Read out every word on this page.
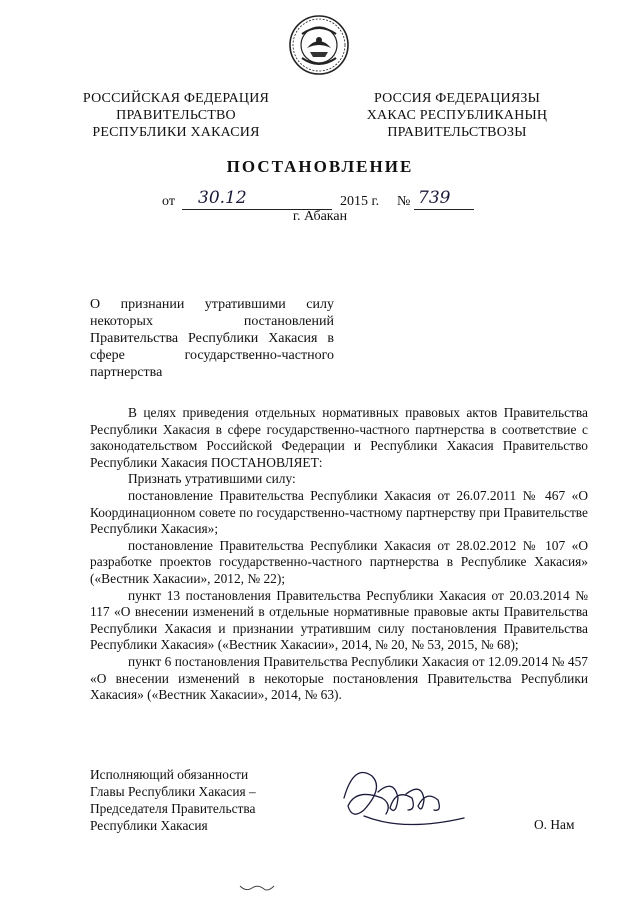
РОССИЙСКАЯ ФЕДЕРАЦИЯ
ПРАВИТЕЛЬСТВО
РЕСПУБЛИКИ ХАКАСИЯ
РОССИЯ ФЕДЕРАЦИЯЗЫ
ХАКАС РЕСПУБЛИКАНЫҢ
ПРАВИТЕЛЬСТВОЗЫ
ПОСТАНОВЛЕНИЕ
от 30.12	2015 г. № 739
г. Абакан
О признании утратившими силу
некоторых постановлений
Правительства Республики Хакасия в
сфере государственно-частного
партнерства

В целях приведения отдельных нормативных правовых актов Правительства Республики Хакасия в сфере государственно-частного партнерства в соответствие с законодательством Российской Федерации и Республики Хакасия Правительство Республики Хакасия ПОСТАНОВЛЯЕТ:

Признать утратившими силу:

постановление Правительства Республики Хакасия от 26.07.2011 № 467 «О Координационном совете по государственно-частному партнерству при Правительстве Республики Хакасия»;

постановление Правительства Республики Хакасия от 28.02.2012 № 107 «О разработке проектов государственно-частного партнерства в Республике Хакасия» («Вестник Хакасии», 2012, № 22);

пункт 13 постановления Правительства Республики Хакасия от 20.03.2014 № 117 «О внесении изменений в отдельные нормативные правовые акты Правительства Республики Хакасия и признании утратившим силу постановления Правительства Республики Хакасия» («Вестник Хакасии», 2014, № 20, № 53, 2015, № 68);

пункт 6 постановления Правительства Республики Хакасия от 12.09.2014 № 457 «О внесении изменений в некоторые постановления Правительства Республики Хакасия» («Вестник Хакасии», 2014, № 63).

Исполняющий обязанности
Главы Республики Хакасия –
Председателя Правительства
Республики Хакасия	О. Нам
